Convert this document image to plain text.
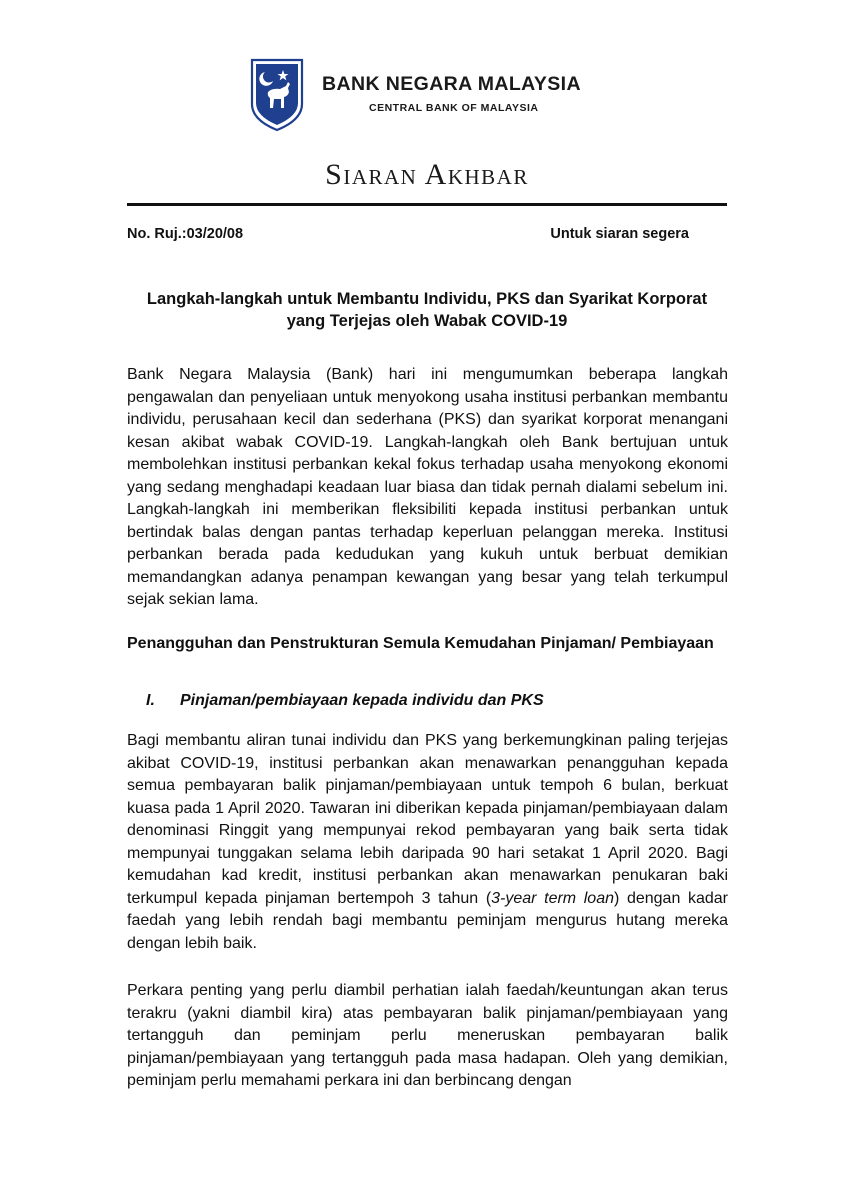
BANK NEGARA MALAYSIA
CENTRAL BANK OF MALAYSIA
Siaran Akhbar
No. Ruj.:03/20/08	Untuk siaran segera
Langkah-langkah untuk Membantu Individu, PKS dan Syarikat Korporat yang Terjejas oleh Wabak COVID-19

Bank Negara Malaysia (Bank) hari ini mengumumkan beberapa langkah pengawalan dan penyeliaan untuk menyokong usaha institusi perbankan membantu individu, perusahaan kecil dan sederhana (PKS) dan syarikat korporat menangani kesan akibat wabak COVID-19. Langkah-langkah oleh Bank bertujuan untuk membolehkan institusi perbankan kekal fokus terhadap usaha menyokong ekonomi yang sedang menghadapi keadaan luar biasa dan tidak pernah dialami sebelum ini. Langkah-langkah ini memberikan fleksibiliti kepada institusi perbankan untuk bertindak balas dengan pantas terhadap keperluan pelanggan mereka. Institusi perbankan berada pada kedudukan yang kukuh untuk berbuat demikian memandangkan adanya penampan kewangan yang besar yang telah terkumpul sejak sekian lama.

Penangguhan dan Penstrukturan Semula Kemudahan Pinjaman/ Pembiayaan

I.	Pinjaman/pembiayaan kepada individu dan PKS

Bagi membantu aliran tunai individu dan PKS yang berkemungkinan paling terjejas akibat COVID-19, institusi perbankan akan menawarkan penangguhan kepada semua pembayaran balik pinjaman/pembiayaan untuk tempoh 6 bulan, berkuat kuasa pada 1 April 2020. Tawaran ini diberikan kepada pinjaman/pembiayaan dalam denominasi Ringgit yang mempunyai rekod pembayaran yang baik serta tidak mempunyai tunggakan selama lebih daripada 90 hari setakat 1 April 2020. Bagi kemudahan kad kredit, institusi perbankan akan menawarkan penukaran baki terkumpul kepada pinjaman bertempoh 3 tahun (3-year term loan) dengan kadar faedah yang lebih rendah bagi membantu peminjam mengurus hutang mereka dengan lebih baik.

Perkara penting yang perlu diambil perhatian ialah faedah/keuntungan akan terus terakru (yakni diambil kira) atas pembayaran balik pinjaman/pembiayaan yang tertangguh dan peminjam perlu meneruskan pembayaran balik pinjaman/pembiayaan yang tertangguh pada masa hadapan. Oleh yang demikian, peminjam perlu memahami perkara ini dan berbincang dengan
